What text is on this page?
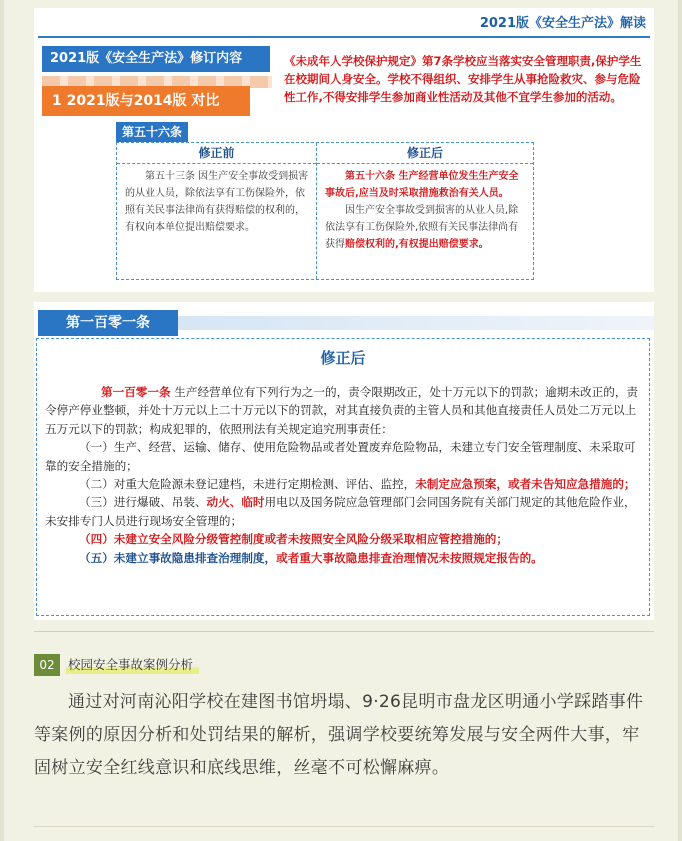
2021版《安全生产法》解读
2021版《安全生产法》修订内容
1 2021版与2014版 对比
《未成年人学校保护规定》第7条学校应当落实安全管理职责,保护学生在校期间人身安全。学校不得组织、安排学生从事抢险救灾、参与危险性工作,不得安排学生参加商业性活动及其他不宜学生参加的活动。
第五十六条
修正前
第五十三条 因生产安全事故受到损害的从业人员，除依法享有工伤保险外，依照有关民事法律尚有获得赔偿的权利的，有权向本单位提出赔偿要求。
修正后
第五十六条 生产经营单位发生生产安全事故后,应当及时采取措施救治有关人员。
因生产安全事故受到损害的从业人员,除依法享有工伤保险外,依照有关民事法律尚有获得赔偿权利的,有权提出赔偿要求。
第一百零一条
修正后

第一百零一条 生产经营单位有下列行为之一的，责令限期改正，处十万元以下的罚款；逾期未改正的，责令停产停业整顿，并处十万元以上二十万元以下的罚款，对其直接负责的主管人员和其他直接责任人员处二万元以上五万元以下的罚款；构成犯罪的，依照刑法有关规定追究刑事责任：

（一）生产、经营、运输、储存、使用危险物品或者处置废弃危险物品，未建立专门安全管理制度、未采取可靠的安全措施的；

（二）对重大危险源未登记建档，未进行定期检测、评估、监控，未制定应急预案，或者未告知应急措施的；

（三）进行爆破、吊装、动火、临时用电以及国务院应急管理部门会同国务院有关部门规定的其他危险作业，未安排专门人员进行现场安全管理的；

（四）未建立安全风险分级管控制度或者未按照安全风险分级采取相应管控措施的；

（五）未建立事故隐患排查治理制度，或者重大事故隐患排查治理情况未按照规定报告的。

02	校园安全事故案例分析
通过对河南沁阳学校在建图书馆坍塌、9·26昆明市盘龙区明通小学踩踏事件等案例的原因分析和处罚结果的解析，强调学校要统筹发展与安全两件大事，牢固树立安全红线意识和底线思维，丝毫不可松懈麻痹。
